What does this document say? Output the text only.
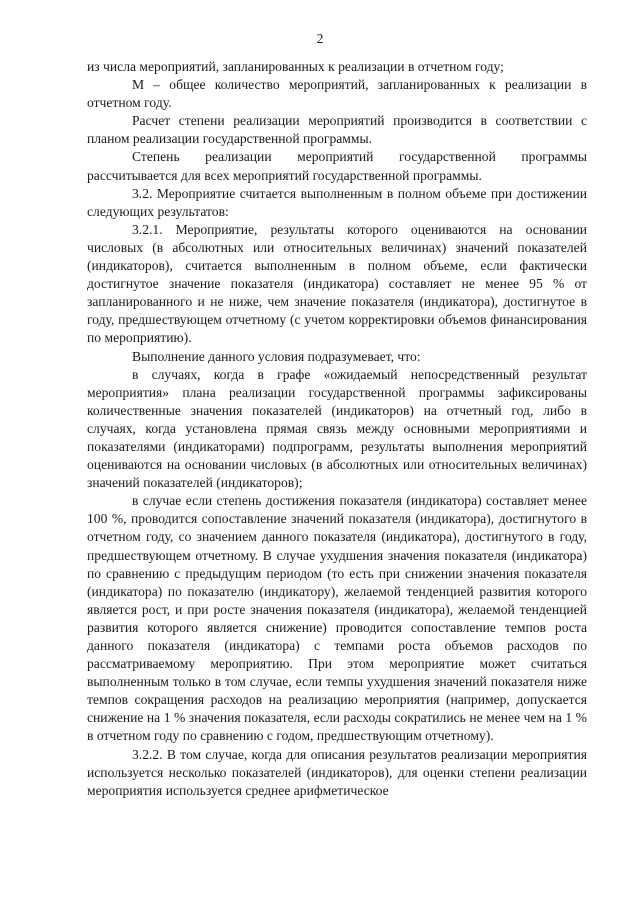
2

из числа мероприятий, запланированных к реализации в отчетном году;

М – общее количество мероприятий, запланированных к реализации в отчетном году.

Расчет степени реализации мероприятий производится в соответствии с планом реализации государственной программы.

Степень реализации мероприятий государственной программы рассчитывается для всех мероприятий государственной программы.

3.2. Мероприятие считается выполненным в полном объеме при достижении следующих результатов:

3.2.1. Мероприятие, результаты которого оцениваются на основании числовых (в абсолютных или относительных величинах) значений показателей (индикаторов), считается выполненным в полном объеме, если фактически достигнутое значение показателя (индикатора) составляет не менее 95 % от запланированного и не ниже, чем значение показателя (индикатора), достигнутое в году, предшествующем отчетному (с учетом корректировки объемов финансирования по мероприятию).

Выполнение данного условия подразумевает, что:

в случаях, когда в графе «ожидаемый непосредственный результат мероприятия» плана реализации государственной программы зафиксированы количественные значения показателей (индикаторов) на отчетный год, либо в случаях, когда установлена прямая связь между основными мероприятиями и показателями (индикаторами) подпрограмм, результаты выполнения мероприятий оцениваются на основании числовых (в абсолютных или относительных величинах) значений показателей (индикаторов);

в случае если степень достижения показателя (индикатора) составляет менее 100 %, проводится сопоставление значений показателя (индикатора), достигнутого в отчетном году, со значением данного показателя (индикатора), достигнутого в году, предшествующем отчетному. В случае ухудшения значения показателя (индикатора) по сравнению с предыдущим периодом (то есть при снижении значения показателя (индикатора) по показателю (индикатору), желаемой тенденцией развития которого является рост, и при росте значения показателя (индикатора), желаемой тенденцией развития которого является снижение) проводится сопоставление темпов роста данного показателя (индикатора) с темпами роста объемов расходов по рассматриваемому мероприятию. При этом мероприятие может считаться выполненным только в том случае, если темпы ухудшения значений показателя ниже темпов сокращения расходов на реализацию мероприятия (например, допускается снижение на 1 % значения показателя, если расходы сократились не менее чем на 1 % в отчетном году по сравнению с годом, предшествующим отчетному).

3.2.2. В том случае, когда для описания результатов реализации мероприятия используется несколько показателей (индикаторов), для оценки степени реализации мероприятия используется среднее арифметическое
